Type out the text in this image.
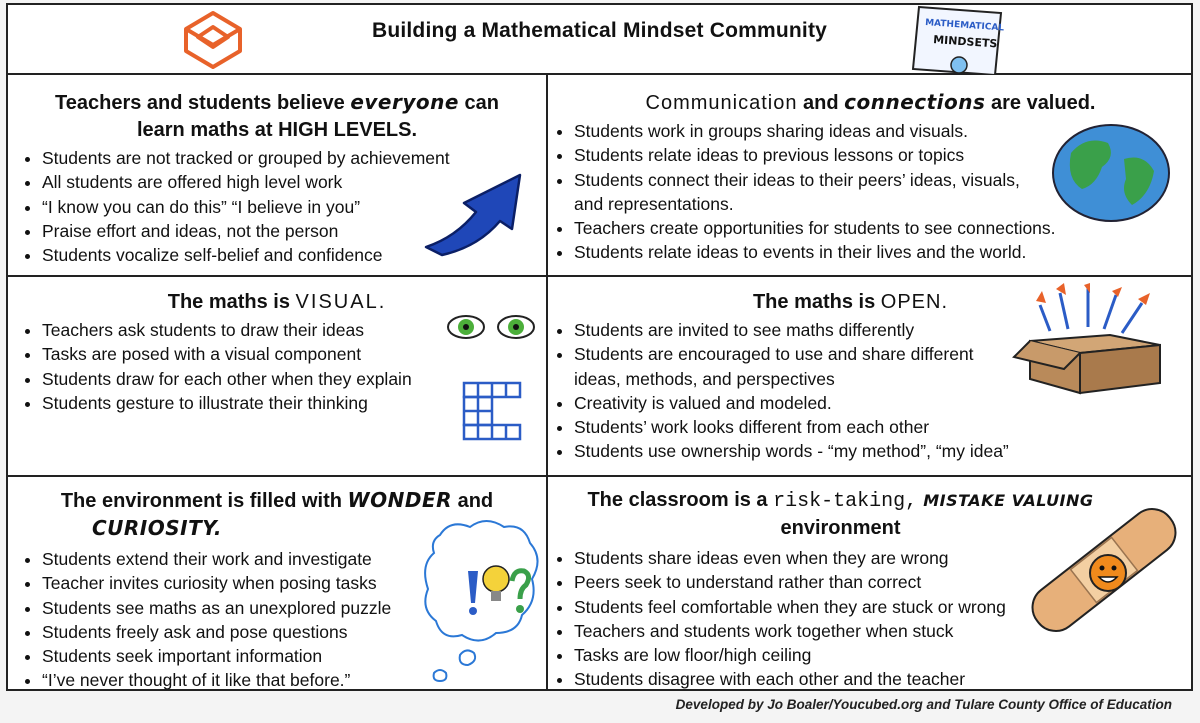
Building a Mathematical Mindset Community	MATHEMATICAL
MINDSETS
Teachers and students believe everyone can
learn maths at HIGH LEVELS.
• Students are not tracked or grouped by achievement
• All students are offered high level work
• “I know you can do this” “I believe in you”
• Praise effort and ideas, not the person
• Students vocalize self-belief and confidence
Communication and connections are valued.
• Students work in groups sharing ideas and visuals.
• Students relate ideas to previous lessons or topics
• Students connect their ideas to their peers’ ideas, visuals, and representations.
• Teachers create opportunities for students to see connections.
• Students relate ideas to events in their lives and the world.
The maths is VISUAL.
• Teachers ask students to draw their ideas
• Tasks are posed with a visual component
• Students draw for each other when they explain
• Students gesture to illustrate their thinking
The maths is OPEN.
• Students are invited to see maths differently
• Students are encouraged to use and share different ideas, methods, and perspectives
• Creativity is valued and modeled.
• Students’ work looks different from each other
• Students use ownership words - “my method”, “my idea”
The environment is filled with WONDER and
CURIOSITY.
• Students extend their work and investigate
• Teacher invites curiosity when posing tasks
• Students see maths as an unexplored puzzle
• Students freely ask and pose questions
• Students seek important information
• “I’ve never thought of it like that before.”
The classroom is a risk-taking, MISTAKE VALUING
environment
• Students share ideas even when they are wrong
• Peers seek to understand rather than correct
• Students feel comfortable when they are stuck or wrong
• Teachers and students work together when stuck
• Tasks are low floor/high ceiling
• Students disagree with each other and the teacher
Developed by Jo Boaler/Youcubed.org and Tulare County Office of Education
